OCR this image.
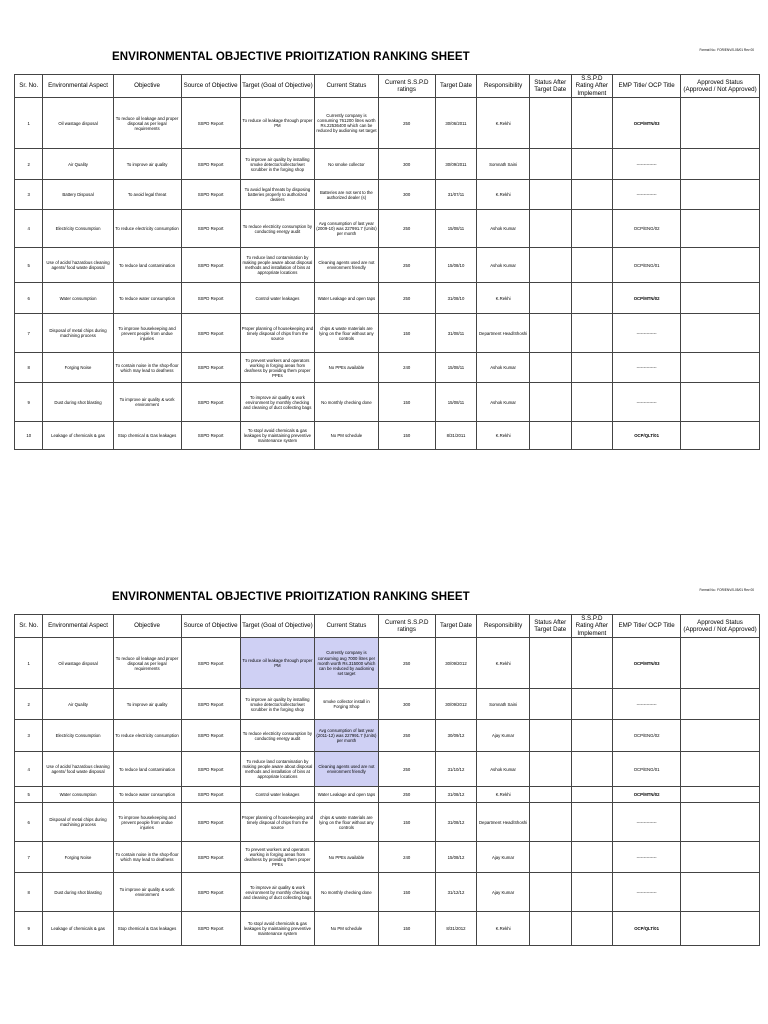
Format No.: FOR/ENV/0-05/01 Rev 00
ENVIRONMENTAL OBJECTIVE PRIOITIZATION RANKING SHEET
Sr. No.	Environmental Aspect	Objective	Source of Objective	Target (Goal of Objective)	Current Status	Current S.S.P.D ratings	Target Date	Responsibility	Status After Target Date	S.S.P.D Rating After Implement	EMP Title/ OCP Title	Approved Status (Approved / Not Approved)
1	Oil wastage disposal	To reduce oil leakage and proper disposal as per legal requirements	SSPD Report	To reduce oil leakage through proper PM	Currently company is consuming 761200 litres worth Rs.22536400 which can be reduced by audioning set target	250	30/06/2011	K.Rekhi			OCP/MTN/03	
2	Air Quality	To improve air quality	SSPD Report	To improve air quality by installing smoke detector/collector/wet scrubber in the forging shop	No smoke collector	300	30/09/2011	Somnath Saini			--------------	
3	Battery Disposal	To avoid legal threat	SSPD Report	To avoid legal threats by disposing batteries properly to authorized dealers	Batteries are not sent to the authorized dealer (s)	300	31/07/11	K.Rekhi			--------------	
4	Electricity Consumption	To reduce electricity consumption	SSPD Report	To reduce electricity consumption by conducting energy audit	Avg consumption of last year (2009-10) was 227991.7 (Units) per month	250	15/08/11	Ashok Kumar			OCP/ENG/02	
5	Use of acids/ hazardous cleaning agents/ food waste disposal	To reduce land contamination	SSPD Report	To reduce land contamination by making people aware about disposal methods and installation of bins at appropriate locations	Cleaning agents used are not environment friendly	250	15/08/10	Ashok Kumar			OCP/ENG/01	
6	Water consumption	To reduce water consumption	SSPD Report	Control water leakages	Water Leakage and open taps	250	31/08/10	K.Rekhi			OCP/MTN/02	
7	Disposal of metal chips during machining process	To improve housekeeping and prevent people from undue injuries	SSPD Report	Proper planning of housekeeping and timely disposal of chips from the source	chips & waste materials are lying on the floor without any controls	150	31/08/11	Department Head/Shoshi			--------------	
8	Forging Noise	To contain noise in the shop-floor which may lead to deafness	SSPD Report	To prevent workers and operators working in forging areas from deafness by providing them proper PPEs	No PPEs available	240	15/08/11	Ashok Kumar			--------------	
9	Dust during shot blasting	To improve air quality & work environment	SSPD Report	To improve air quality & work environment by monthly checking and cleaning of duct collecting bags	No monthly checking done	150	15/08/11	Ashok Kumar			--------------	
10	Leakage of chemicals & gas	Stop chemical & Gas leakages	SSPD Report	To stop/ avoid chemicals & gas leakages by maintaining preventive maintenance system	No PM schedule	150	8/31/2011	K.Rekhi			OCP/QLT/01	
Format No.: FOR/ENV/0-05/01 Rev 00
ENVIRONMENTAL OBJECTIVE PRIOITIZATION RANKING SHEET
Sr. No.	Environmental Aspect	Objective	Source of Objective	Target (Goal of Objective)	Current Status	Current S.S.P.D ratings	Target Date	Responsibility	Status After Target Date	S.S.P.D Rating After Implement	EMP Title/ OCP Title	Approved Status (Approved / Not Approved)
1	Oil wastage disposal	To reduce oil leakage and proper disposal as per legal requirements	SSPD Report	To reduce oil leakage through proper PM	Currently company is consuming avg 7000 litres per month worth Rs.315000 which can be reduced by audioning set target	250	30/09/2012	K.Rekhi			OCP/MTN/03	
2	Air Quality	To improve air quality	SSPD Report	To improve air quality by installing smoke detector/collector/wet scrubber in the forging shop	smoke collector install in Forging Shop	300	30/09/2012	Somnath Saini			--------------	
3	Electricity Consumption	To reduce electricity consumption	SSPD Report	To reduce electricity consumption by conducting energy audit	Avg consumption of last year (2011-12) was 227991.7 (Units) per month	250	30/09/12	Ajay Kumar			OCP/ENG/02	
4	Use of acids/ hazardous cleaning agents/ food waste disposal	To reduce land contamination	SSPD Report	To reduce land contamination by making people aware about disposal methods and installation of bins at appropriate locations	Cleaning agents used are not environment friendly	250	31/10/12	Ashok Kumar			OCP/ENG/01	
5	Water consumption	To reduce water consumption	SSPD Report	Control water leakages	Water Leakage and open taps	250	31/08/12	K.Rekhi			OCP/MTN/02	
6	Disposal of metal chips during machining process	To improve housekeeping and prevent people from undue injuries	SSPD Report	Proper planning of housekeeping and timely disposal of chips from the source	chips & waste materials are lying on the floor without any controls	150	31/08/12	Department Head/Shoshi			--------------	
7	Forging Noise	To contain noise in the shop-floor which may lead to deafness	SSPD Report	To prevent workers and operators working in forging areas from deafness by providing them proper PPEs	No PPEs available	240	15/08/12	Ajay Kumar			--------------	
8	Dust during shot blasting	To improve air quality & work environment	SSPD Report	To improve air quality & work environment by monthly checking and cleaning of duct collecting bags	No monthly checking done	150	31/12/12	Ajay Kumar			--------------	
9	Leakage of chemicals & gas	Stop chemical & Gas leakages	SSPD Report	To stop/ avoid chemicals & gas leakages by maintaining preventive maintenance system	No PM schedule	150	8/31/2012	K.Rekhi			OCP/QLT/01	
